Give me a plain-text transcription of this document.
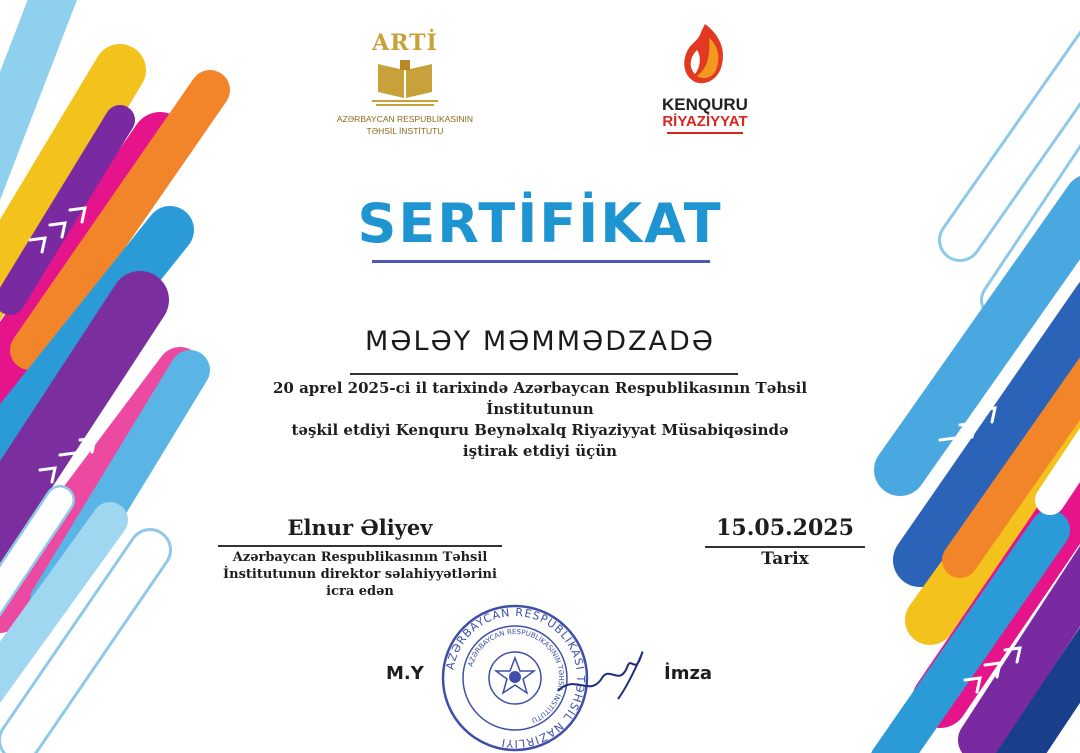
ARTİ
AZƏRBAYCAN RESPUBLİKASININ
TƏHSİL İNSTİTUTU
KENQURU
RİYAZİYYAT
SERTİFİKAT
MƏLƏY MƏMMƏDZADƏ
20 aprel 2025-ci il tarixində Azərbaycan Respublikasının Təhsil
İnstitutunun
təşkil etdiyi Kenquru Beynəlxalq Riyaziyyat Müsabiqəsində
iştirak etdiyi üçün
Elnur Əliyev
Azərbaycan Respublikasının Təhsil
İnstitutunun direktor səlahiyyətlərini
icra edən
15.05.2025
Tarix
M.Y	İmza
AZƏRBAYCAN RESPUBLİKASI TƏHSİL NAZİRLİYİ
AZƏRBAYCAN RESPUBLİKASININ TƏHSİL İNSTİTUTU
